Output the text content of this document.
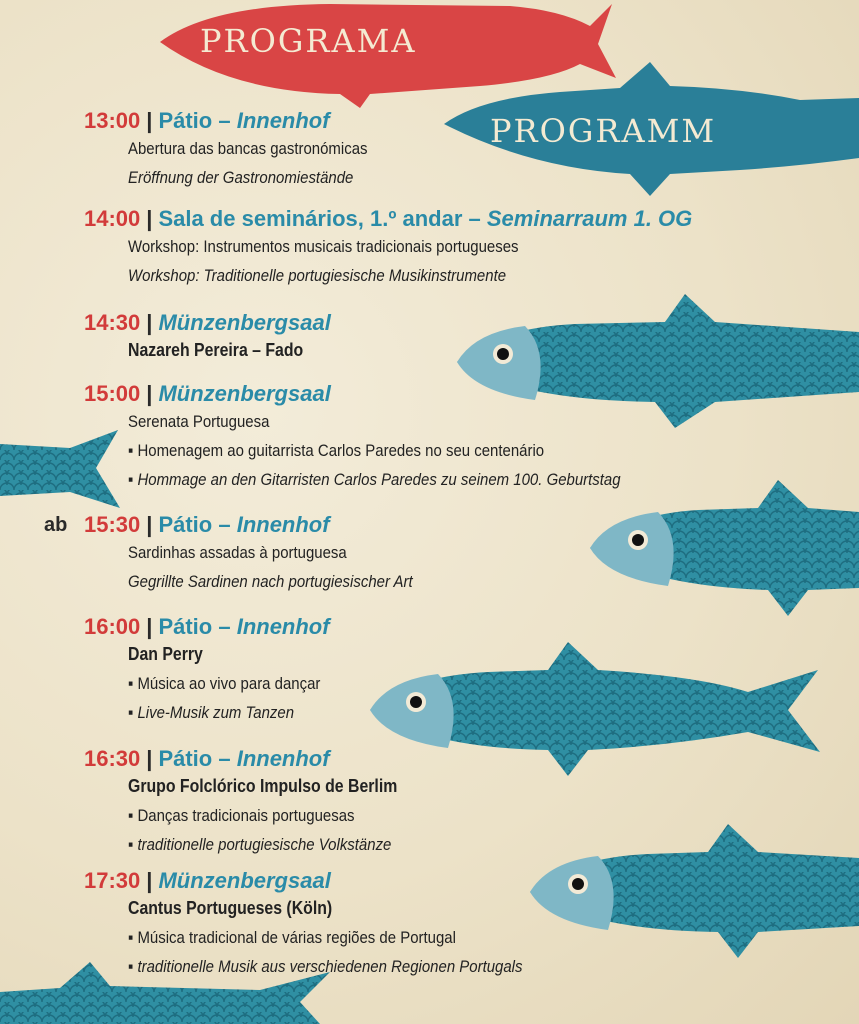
PROGRAMA
PROGRAMM
13:00 | Pátio – Innenhof
Abertura das bancas gastronómicas
Eröffnung der Gastronomiestände
14:00 | Sala de seminários, 1.º andar – Seminarraum 1. OG
Workshop: Instrumentos musicais tradicionais portugueses
Workshop: Traditionelle portugiesische Musikinstrumente
14:30 | Münzenbergsaal
Nazareh Pereira – Fado
15:00 | Münzenbergsaal
Serenata Portuguesa
▪ Homenagem ao guitarrista Carlos Paredes no seu centenário
▪ Hommage an den Gitarristen Carlos Paredes zu seinem 100. Geburtstag
ab 15:30 | Pátio – Innenhof
Sardinhas assadas à portuguesa
Gegrillte Sardinen nach portugiesischer Art
16:00 | Pátio – Innenhof
Dan Perry
▪ Música ao vivo para dançar
▪ Live-Musik zum Tanzen
16:30 | Pátio – Innenhof
Grupo Folclórico Impulso de Berlim
▪ Danças tradicionais portuguesas
▪ traditionelle portugiesische Volkstänze
17:30 | Münzenbergsaal
Cantus Portugueses (Köln)
▪ Música tradicional de várias regiões de Portugal
▪ traditionelle Musik aus verschiedenen Regionen Portugals
